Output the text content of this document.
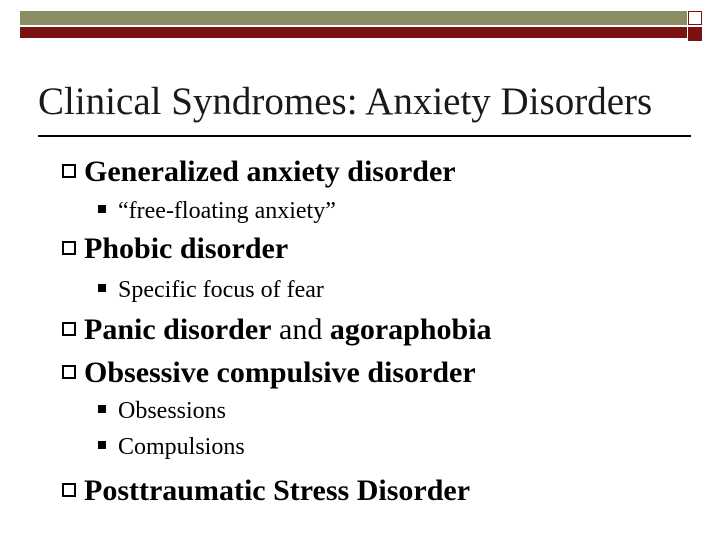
Clinical Syndromes: Anxiety Disorders
Generalized anxiety disorder
“free-floating anxiety”
Phobic disorder
Specific focus of fear
Panic disorder and agoraphobia
Obsessive compulsive disorder
Obsessions
Compulsions
Posttraumatic Stress Disorder
